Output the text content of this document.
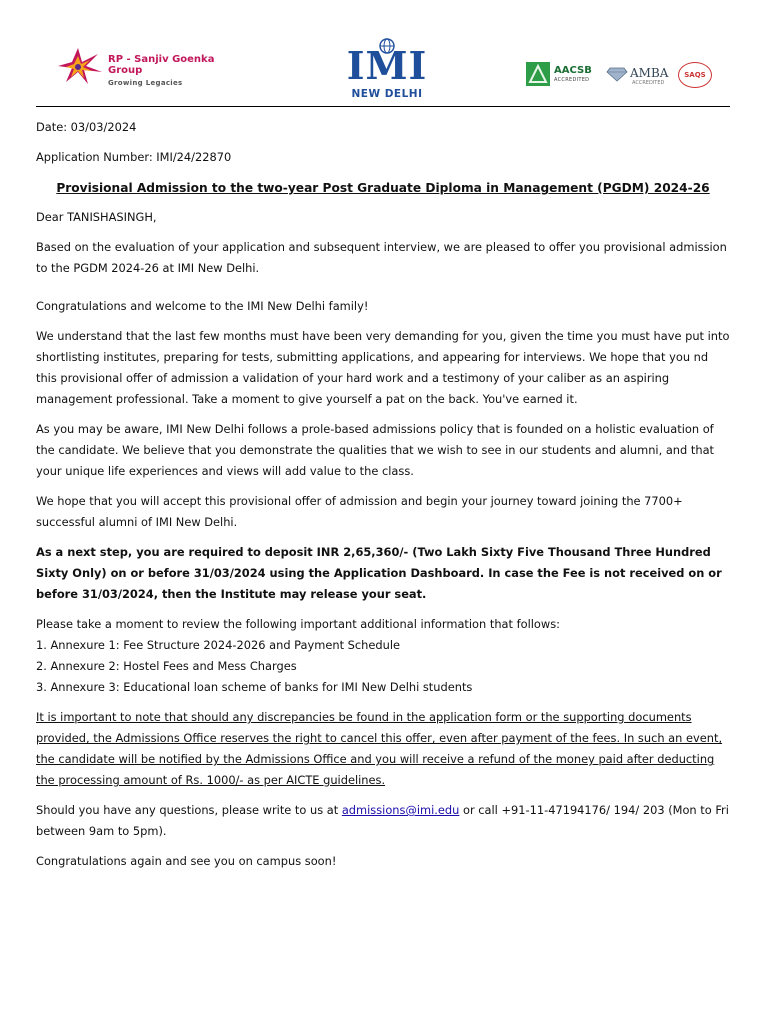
RP - Sanjiv Goenka Group
Growing Legacies	IMI
NEW DELHI
AACSB
ACCREDITED	AMBA
ACCREDITED
SAQS

Date: 03/03/2024

Application Number: IMI/24/22870

Provisional Admission to the two-year Post Graduate Diploma in Management (PGDM) 2024-26

Dear TANISHASINGH,

Based on the evaluation of your application and subsequent interview, we are pleased to offer you provisional admission to the PGDM 2024-26 at IMI New Delhi.

Congratulations and welcome to the IMI New Delhi family!

We understand that the last few months must have been very demanding for you, given the time you must have put into shortlisting institutes, preparing for tests, submitting applications, and appearing for interviews. We hope that you nd this provisional offer of admission a validation of your hard work and a testimony of your caliber as an aspiring management professional. Take a moment to give yourself a pat on the back. You've earned it.

As you may be aware, IMI New Delhi follows a prole-based admissions policy that is founded on a holistic evaluation of the candidate. We believe that you demonstrate the qualities that we wish to see in our students and alumni, and that your unique life experiences and views will add value to the class.

We hope that you will accept this provisional offer of admission and begin your journey toward joining the 7700+ successful alumni of IMI New Delhi.

As a next step, you are required to deposit INR 2,65,360/- (Two Lakh Sixty Five Thousand Three Hundred Sixty Only) on or before 31/03/2024 using the Application Dashboard. In case the Fee is not received on or before 31/03/2024, then the Institute may release your seat.

Please take a moment to review the following important additional information that follows:

1. Annexure 1: Fee Structure 2024-2026 and Payment Schedule

2. Annexure 2: Hostel Fees and Mess Charges

3. Annexure 3: Educational loan scheme of banks for IMI New Delhi students

It is important to note that should any discrepancies be found in the application form or the supporting documents provided, the Admissions Office reserves the right to cancel this offer, even after payment of the fees. In such an event, the candidate will be notified by the Admissions Office and you will receive a refund of the money paid after deducting the processing amount of Rs. 1000/- as per AICTE guidelines.

Should you have any questions, please write to us at admissions@imi.edu or call +91-11-47194176/ 194/ 203 (Mon to Fri between 9am to 5pm).

Congratulations again and see you on campus soon!
